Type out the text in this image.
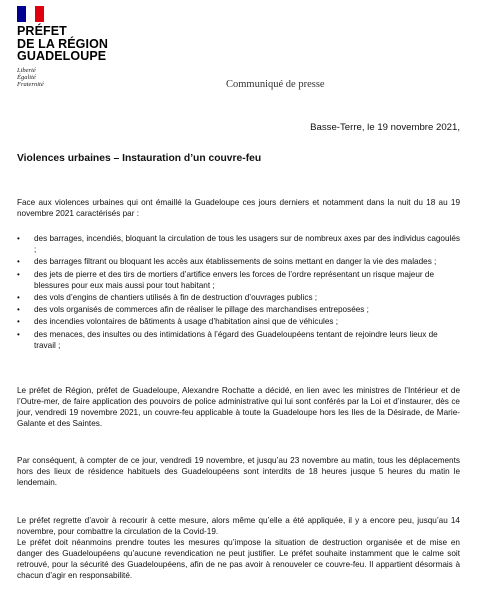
PRÉFET
DE LA RÉGION
GUADELOUPE
Liberté
Égalité
Fraternité	Communiqué de presse
Basse-Terre, le 19 novembre 2021,
Violences urbaines – Instauration d’un couvre-feu

Face aux violences urbaines qui ont émaillé la Guadeloupe ces jours derniers et notamment dans la nuit du 18 au 19 novembre 2021 caractérisés par :

• des barrages, incendiés, bloquant la circulation de tous les usagers sur de nombreux axes par des individus cagoulés ;
• des barrages filtrant ou bloquant les accès aux établissements de soins mettant en danger la vie des malades ;
• des jets de pierre et des tirs de mortiers d’artifice envers les forces de l’ordre représentant un risque majeur de blessures pour eux mais aussi pour tout habitant ;
• des vols d’engins de chantiers utilisés à fin de destruction d’ouvrages publics ;
• des vols organisés de commerces afin de réaliser le pillage des marchandises entreposées ;
• des incendies volontaires de bâtiments à usage d’habitation ainsi que de véhicules ;
• des menaces, des insultes ou des intimidations à l’égard des Guadeloupéens tentant de rejoindre leurs lieux de travail ;

Le préfet de Région, préfet de Guadeloupe, Alexandre Rochatte a décidé, en lien avec les ministres de l’Intérieur et de l’Outre-mer, de faire application des pouvoirs de police administrative qui lui sont conférés par la Loi et d’instaurer, dès ce jour, vendredi 19 novembre 2021, un couvre-feu applicable à toute la Guadeloupe hors les Iles de la Désirade, de Marie-Galante et des Saintes.

Par conséquent, à compter de ce jour, vendredi 19 novembre, et jusqu’au 23 novembre au matin, tous les déplacements hors des lieux de résidence habituels des Guadeloupéens sont interdits de 18 heures jusque 5 heures du matin le lendemain.

Le préfet regrette d’avoir à recourir à cette mesure, alors même qu’elle a été appliquée, il y a encore peu, jusqu’au 14 novembre, pour combattre la circulation de la Covid-19.
Le préfet doit néanmoins prendre toutes les mesures qu’impose la situation de destruction organisée et de mise en danger des Guadeloupéens qu’aucune revendication ne peut justifier. Le préfet souhaite instamment que le calme soit retrouvé, pour la sécurité des Guadeloupéens, afin de ne pas avoir à renouveler ce couvre-feu. Il appartient désormais à chacun d’agir en responsabilité.
